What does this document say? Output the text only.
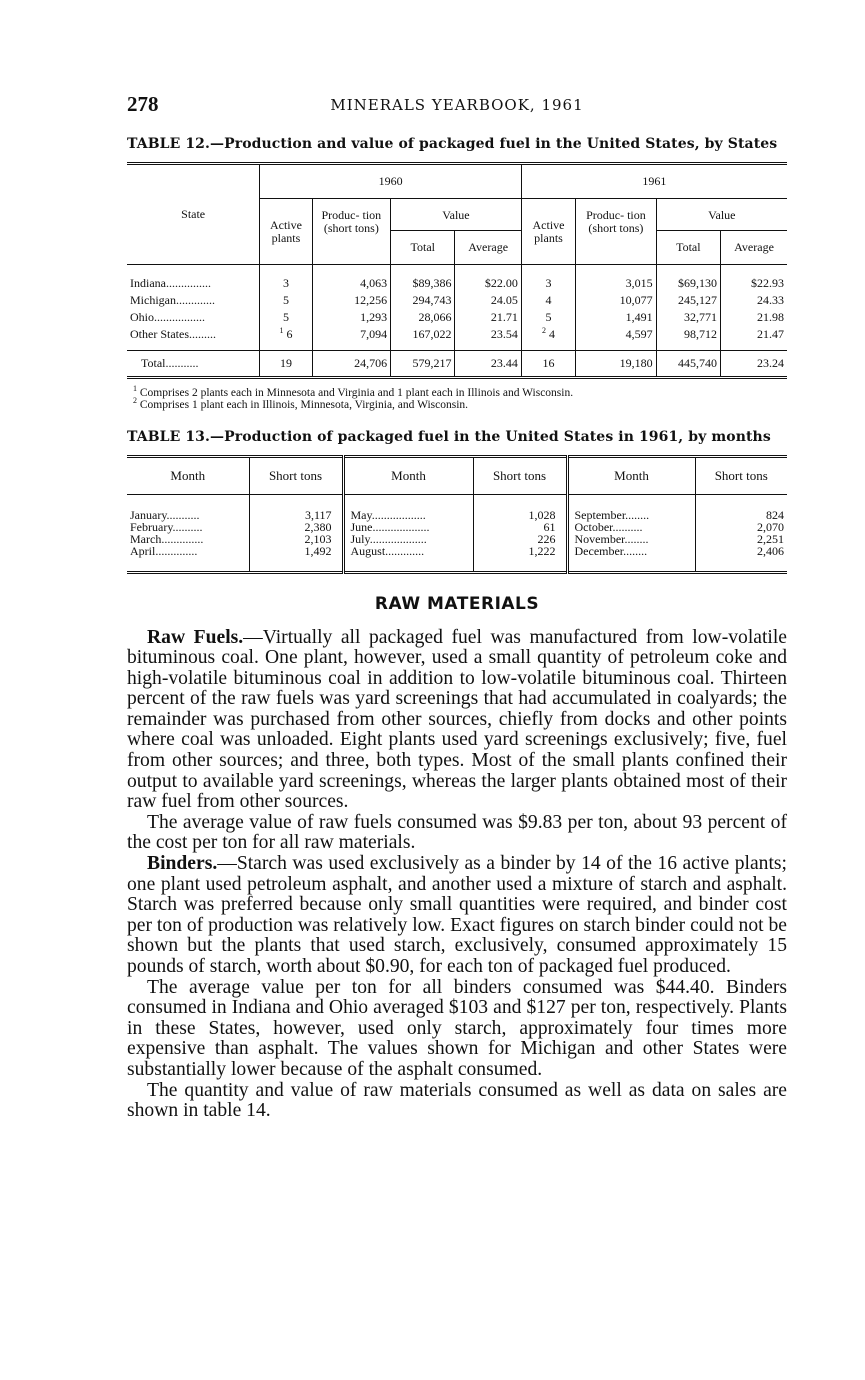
278	MINERALS YEARBOOK, 1961
TABLE 12.—Production and value of packaged fuel in the United States, by States
State	1960				1961			
	Active plants	Produc- tion (short tons)	Value		Active plants	Produc- tion (short tons)	Value	
			Total	Average			Total	Average

Indiana...............	3	4,063	$89,386	$22.00	3	3,015	$69,130	$22.93
Michigan.............	5	12,256	294,743	24.05	4	10,077	245,127	24.33
Ohio.................	5	1,293	28,066	21.71	5	1,491	32,771	21.98
Other States.........	$^1$ 6	7,094	167,022	23.54	$^2$ 4	4,597	98,712	21.47
Total...........	19	24,706	579,217	23.44	16	19,180	445,740	23.24
$^1$ Comprises 2 plants each in Minnesota and Virginia and 1 plant each in Illinois and Wisconsin.
$^2$ Comprises 1 plant each in Illinois, Minnesota, Virginia, and Wisconsin.
TABLE 13.—Production of packaged fuel in the United States in 1961, by months
Month	Short tons	Month	Short tons	Month	Short tons
January...........	3,117	May..................	1,028	September........	824
February..........	2,380	June...................	61	October..........	2,070
March..............	2,103	July...................	226	November........	2,251
April..............	1,492	August.............	1,222	December........	2,406
RAW MATERIALS

Raw Fuels.—Virtually all packaged fuel was manufactured from low-volatile bituminous coal. One plant, however, used a small quantity of petroleum coke and high-volatile bituminous coal in addition to low-volatile bituminous coal. Thirteen percent of the raw fuels was yard screenings that had accumulated in coalyards; the remainder was purchased from other sources, chiefly from docks and other points where coal was unloaded. Eight plants used yard screenings exclusively; five, fuel from other sources; and three, both types. Most of the small plants confined their output to available yard screenings, whereas the larger plants obtained most of their raw fuel from other sources.

The average value of raw fuels consumed was $9.83 per ton, about 93 percent of the cost per ton for all raw materials.

Binders.—Starch was used exclusively as a binder by 14 of the 16 active plants; one plant used petroleum asphalt, and another used a mixture of starch and asphalt. Starch was preferred because only small quantities were required, and binder cost per ton of production was relatively low. Exact figures on starch binder could not be shown but the plants that used starch, exclusively, consumed approximately 15 pounds of starch, worth about $0.90, for each ton of packaged fuel produced.

The average value per ton for all binders consumed was $44.40. Binders consumed in Indiana and Ohio averaged $103 and $127 per ton, respectively. Plants in these States, however, used only starch, approximately four times more expensive than asphalt. The values shown for Michigan and other States were substantially lower because of the asphalt consumed.

The quantity and value of raw materials consumed as well as data on sales are shown in table 14.
